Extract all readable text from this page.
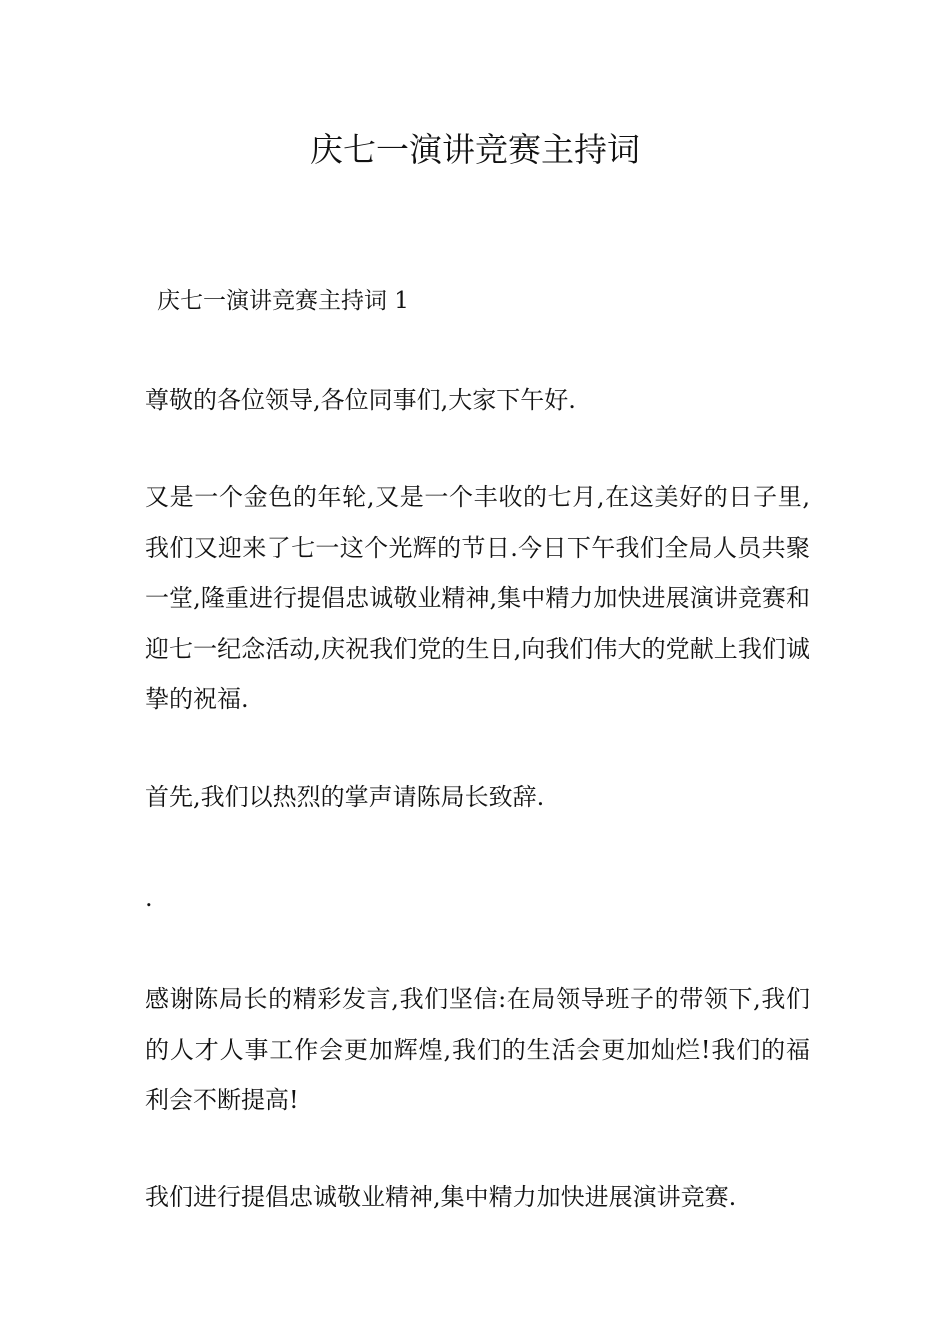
庆七一演讲竞赛主持词
庆七一演讲竞赛主持词 1

尊敬的各位领导,各位同事们,大家下午好.

又是一个金色的年轮,又是一个丰收的七月,在这美好的日子里,我们又迎来了七一这个光辉的节日.今日下午我们全局人员共聚一堂,隆重进行提倡忠诚敬业精神,集中精力加快进展演讲竞赛和迎七一纪念活动,庆祝我们党的生日,向我们伟大的党献上我们诚挚的祝福.

首先,我们以热烈的掌声请陈局长致辞.

.

感谢陈局长的精彩发言,我们坚信:在局领导班子的带领下,我们的人才人事工作会更加辉煌,我们的生活会更加灿烂!我们的福利会不断提高!

我们进行提倡忠诚敬业精神,集中精力加快进展演讲竞赛.
